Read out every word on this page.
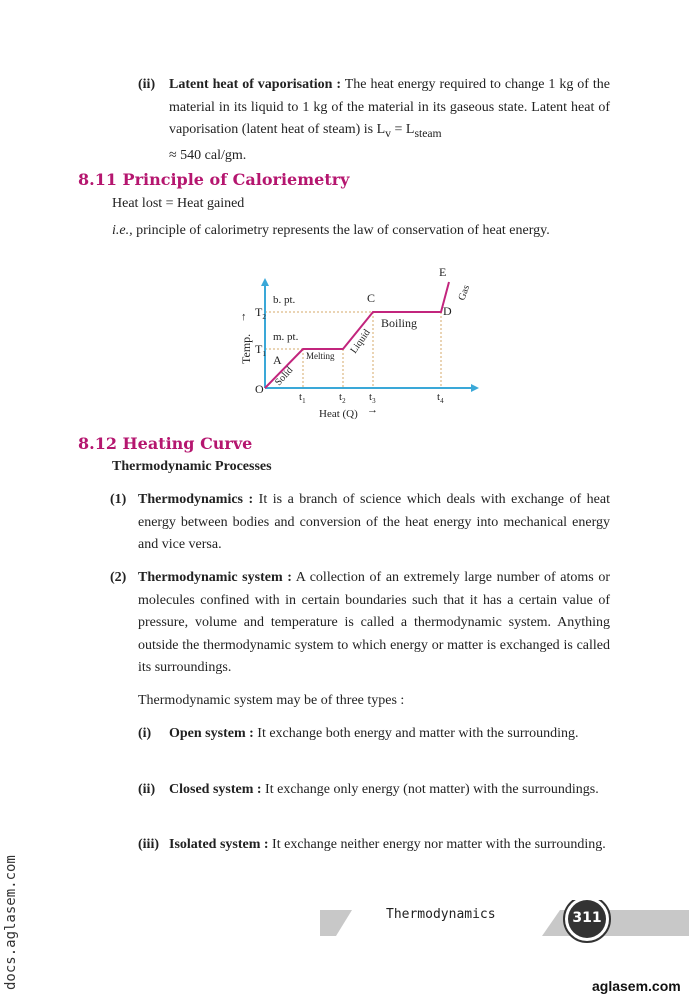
(ii) Latent heat of vaporisation : The heat energy required to change 1 kg of the material in its liquid to 1 kg of the material in its gaseous state. Latent heat of vaporisation (latent heat of steam) is $L_v = L_{steam}$
≈ 540 cal/gm.
8.11 Principle of Caloriemetry
Heat lost = Heat gained
i.e., principle of calorimetry represents the law of conservation of heat energy.
Temp.
↑
Heat (Q) →
O
$T_2$
$T_1$
b. pt.
m. pt.
A
C
D
E
Solid
Melting
Liquid
Boiling
Gas
$t_1$	$t_2$ $t_3$	$t_4$
8.12 Heating Curve
Thermodynamic Processes
(1) Thermodynamics : It is a branch of science which deals with exchange of heat energy between bodies and conversion of the heat energy into mechanical energy and vice versa.
(2) Thermodynamic system : A collection of an extremely large number of atoms or molecules confined with in certain boundaries such that it has a certain value of pressure, volume and temperature is called a thermodynamic system. Anything outside the thermodynamic system to which energy or matter is exchanged is called its surroundings.
Thermodynamic system may be of three types :
(i) Open system : It exchange both energy and matter with the surrounding.
(ii) Closed system : It exchange only energy (not matter) with the surroundings.
(iii) Isolated system : It exchange neither energy nor matter with the surrounding.
Thermodynamics	311
aglasem.com
docs.aglasem.com
